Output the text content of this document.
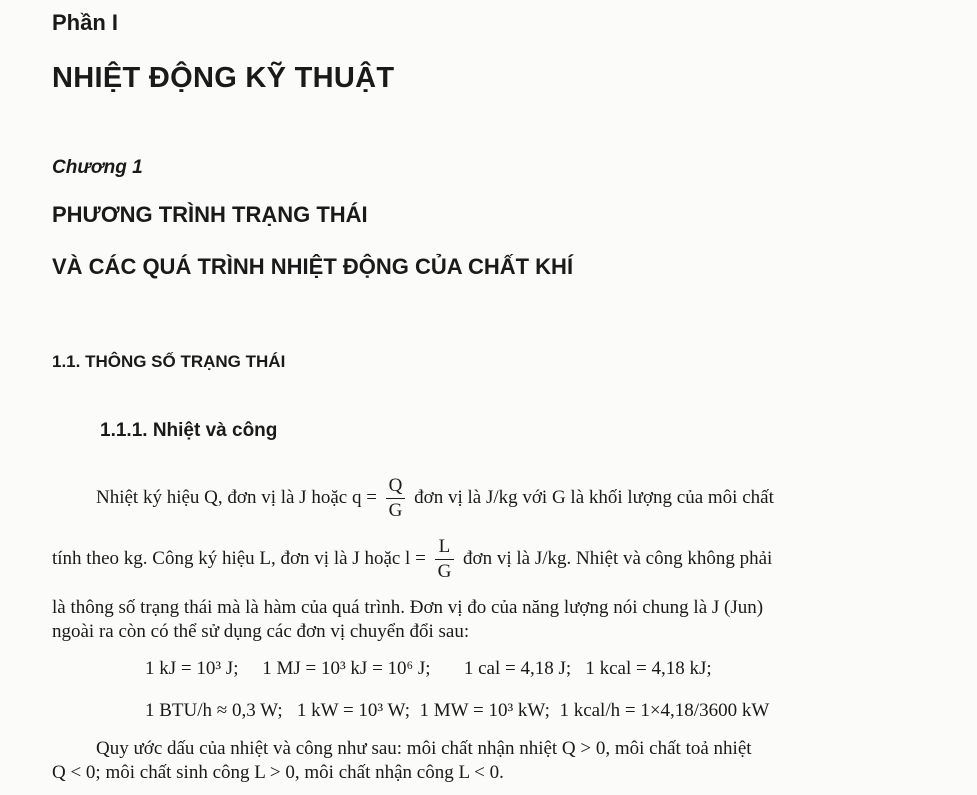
Phần I
NHIỆT ĐỘNG KỸ THUẬT
Chương 1
PHƯƠNG TRÌNH TRẠNG THÁI
VÀ CÁC QUÁ TRÌNH NHIỆT ĐỘNG CỦA CHẤT KHÍ
1.1. THÔNG SỐ TRẠNG THÁI
1.1.1. Nhiệt và công
Nhiệt ký hiệu Q, đơn vị là J hoặc $q = \frac{Q}{G}$ đơn vị là J/kg với G là khối lượng của môi chất
tính theo kg. Công ký hiệu L, đơn vị là J hoặc $l = \frac{L}{G}$ đơn vị là J/kg. Nhiệt và công không phải
là thông số trạng thái mà là hàm của quá trình. Đơn vị đo của năng lượng nói chung là J (Jun)
ngoài ra còn có thể sử dụng các đơn vị chuyển đổi sau:
1 kJ = 10³ J;     1 MJ = 10³ kJ = 10⁶ J;       1 cal = 4,18 J;   1 kcal = 4,18 kJ;
1 BTU/h ≈ 0,3 W;   1 kW = 10³ W;  1 MW = 10³ kW;  1 kcal/h = 1×4,18/3600 kW
Quy ước dấu của nhiệt và công như sau: môi chất nhận nhiệt Q > 0, môi chất toả nhiệt
Q < 0; môi chất sinh công L > 0, môi chất nhận công L < 0.
